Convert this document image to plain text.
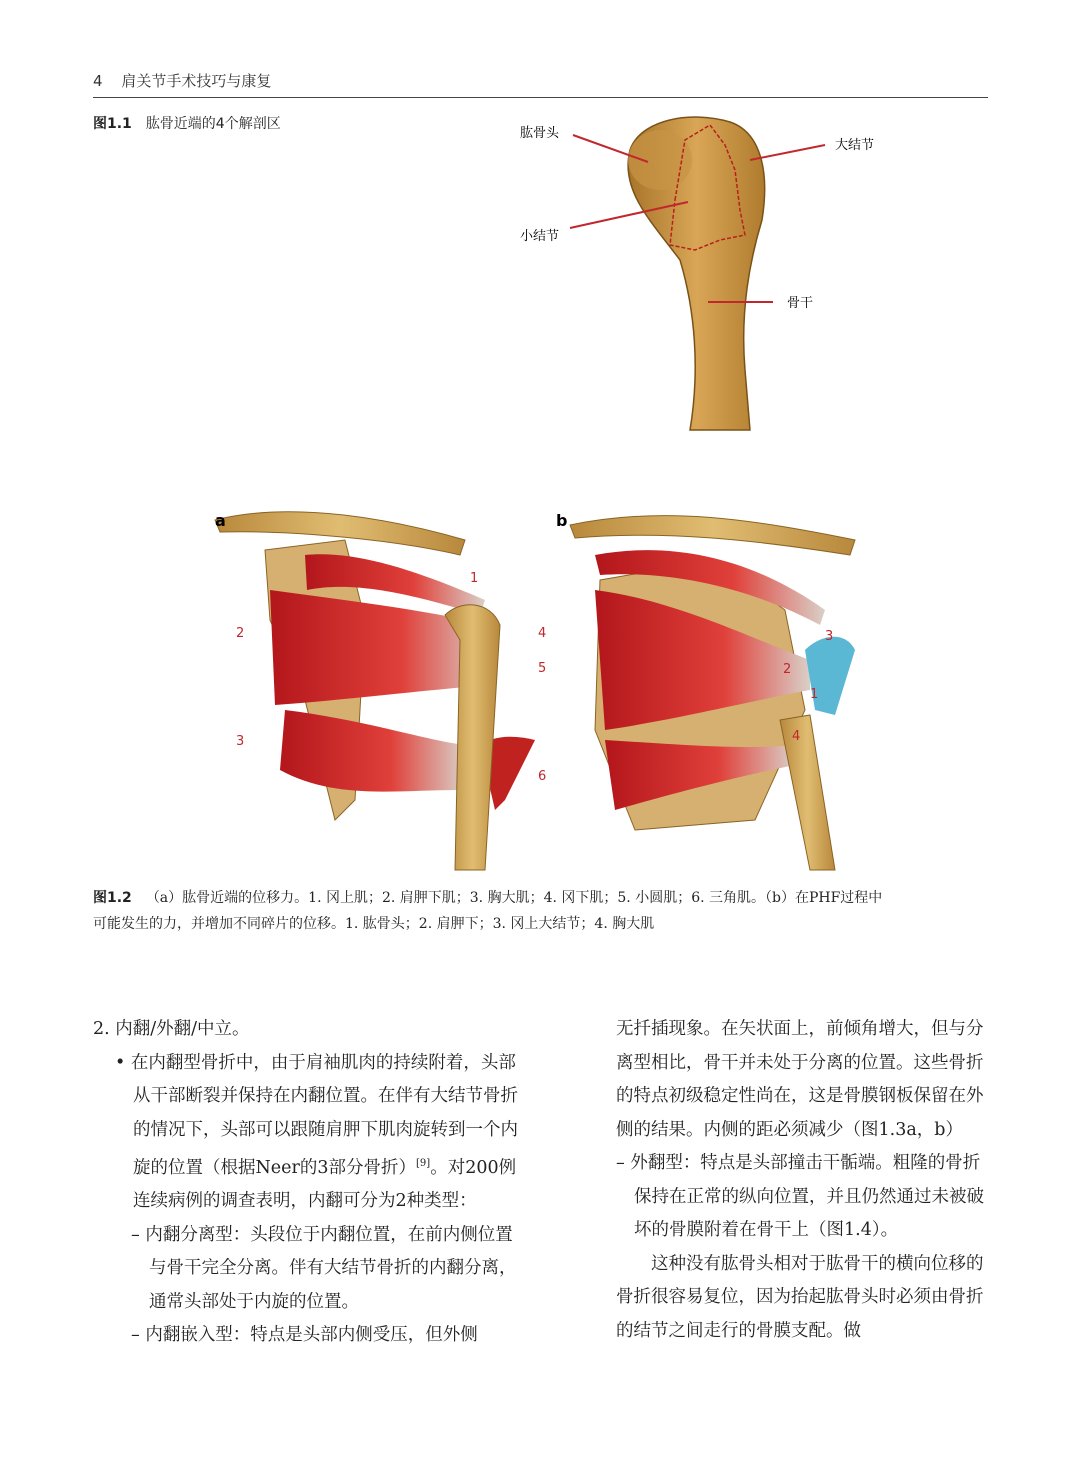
4 肩关节手术技巧与康复
图1.1 肱骨近端的4个解剖区
肱骨头
大结节
小结节
骨干
a
1
2
3
4
5
6
b
1
2
3
4
图1.2 （a）肱骨近端的位移力。1. 冈上肌；2. 肩胛下肌；3. 胸大肌；4. 冈下肌；5. 小圆肌；6. 三角肌。（b）在PHF过程中
可能发生的力，并增加不同碎片的位移。1. 肱骨头；2. 肩胛下；3. 冈上大结节；4. 胸大肌

2. 内翻/外翻/中立。

• 在内翻型骨折中，由于肩袖肌肉的持续附着，头部从干部断裂并保持在内翻位置。在伴有大结节骨折的情况下，头部可以跟随肩胛下肌肉旋转到一个内旋的位置（根据Neer的3部分骨折）[9]。对200例连续病例的调查表明，内翻可分为2种类型：

– 内翻分离型：头段位于内翻位置，在前内侧位置与骨干完全分离。伴有大结节骨折的内翻分离，通常头部处于内旋的位置。

– 内翻嵌入型：特点是头部内侧受压，但外侧

无扦插现象。在矢状面上，前倾角增大，但与分离型相比，骨干并未处于分离的位置。这些骨折的特点初级稳定性尚在，这是骨膜钢板保留在外侧的结果。内侧的距必须减少（图1.3a，b）

– 外翻型：特点是头部撞击干骺端。粗隆的骨折保持在正常的纵向位置，并且仍然通过未被破坏的骨膜附着在骨干上（图1.4）。

这种没有肱骨头相对于肱骨干的横向位移的骨折很容易复位，因为抬起肱骨头时必须由骨折的结节之间走行的骨膜支配。做
